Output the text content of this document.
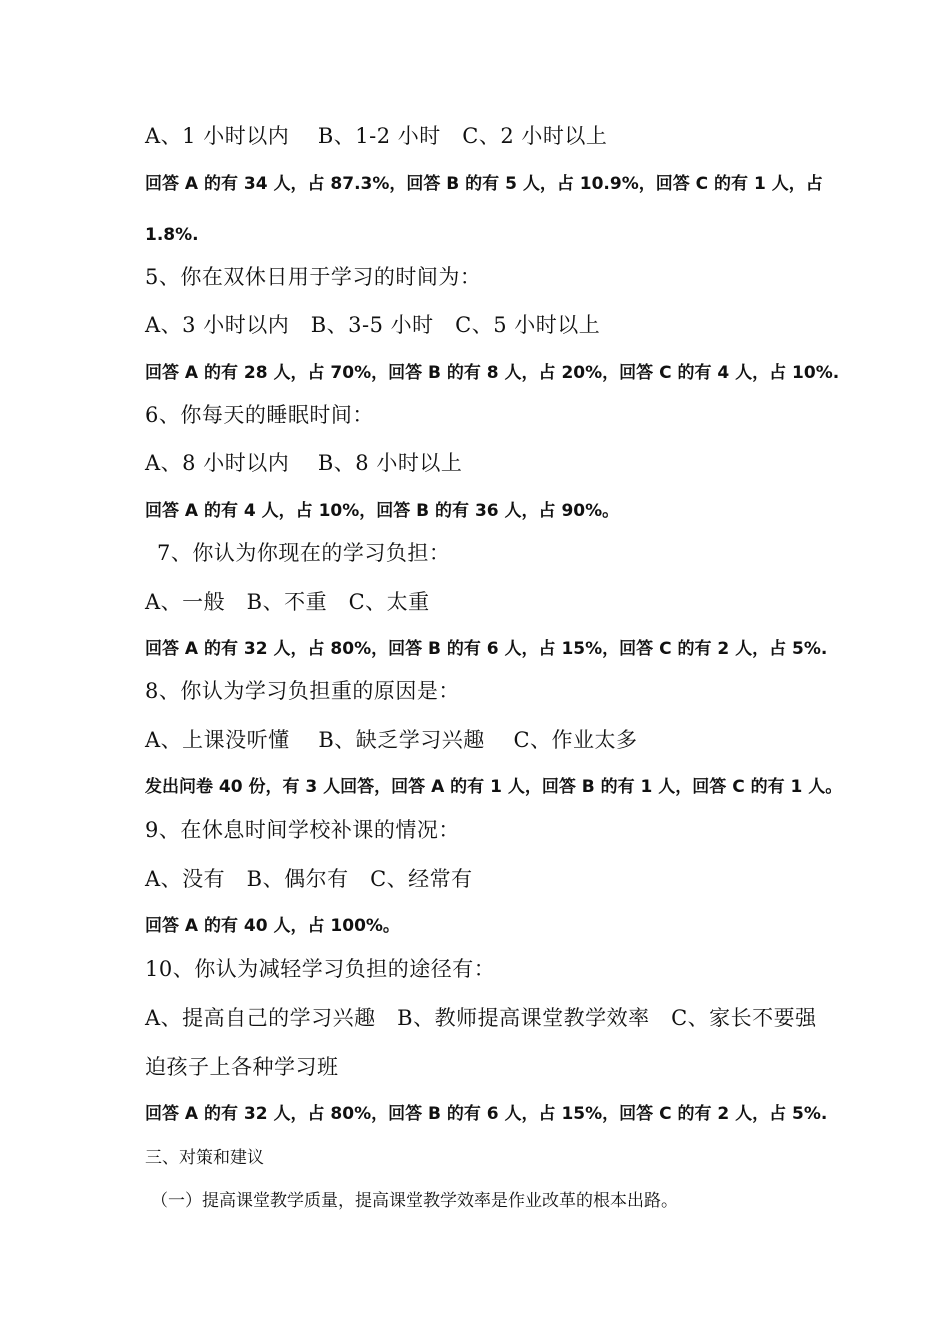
A、1 小时以内　 B、1-2 小时　C、2 小时以上
回答 A 的有 34 人，占 87.3%，回答 B 的有 5 人，占 10.9%，回答 C 的有 1 人，占
1.8%.
5、你在双休日用于学习的时间为：
A、3 小时以内　B、3-5 小时　C、5 小时以上
回答 A 的有 28 人，占 70%，回答 B 的有 8 人，占 20%，回答 C 的有 4 人，占 10%.
6、你每天的睡眠时间：
A、8 小时以内　 B、8 小时以上
回答 A 的有 4 人，占 10%，回答 B 的有 36 人，占 90%。
7、你认为你现在的学习负担：
A、一般　B、不重　C、太重
回答 A 的有 32 人，占 80%，回答 B 的有 6 人，占 15%，回答 C 的有 2 人，占 5%.
8、你认为学习负担重的原因是：
A、上课没听懂　 B、缺乏学习兴趣　 C、作业太多
发出问卷 40 份，有 3 人回答，回答 A 的有 1 人，回答 B 的有 1 人，回答 C 的有 1 人。
9、在休息时间学校补课的情况：
A、没有　B、偶尔有　C、经常有
回答 A 的有 40 人，占 100%。
10、你认为减轻学习负担的途径有：
A、提高自己的学习兴趣　B、教师提高课堂教学效率　C、家长不要强
迫孩子上各种学习班
回答 A 的有 32 人，占 80%，回答 B 的有 6 人，占 15%，回答 C 的有 2 人，占 5%.
三、对策和建议
（一）提高课堂教学质量，提高课堂教学效率是作业改革的根本出路。
